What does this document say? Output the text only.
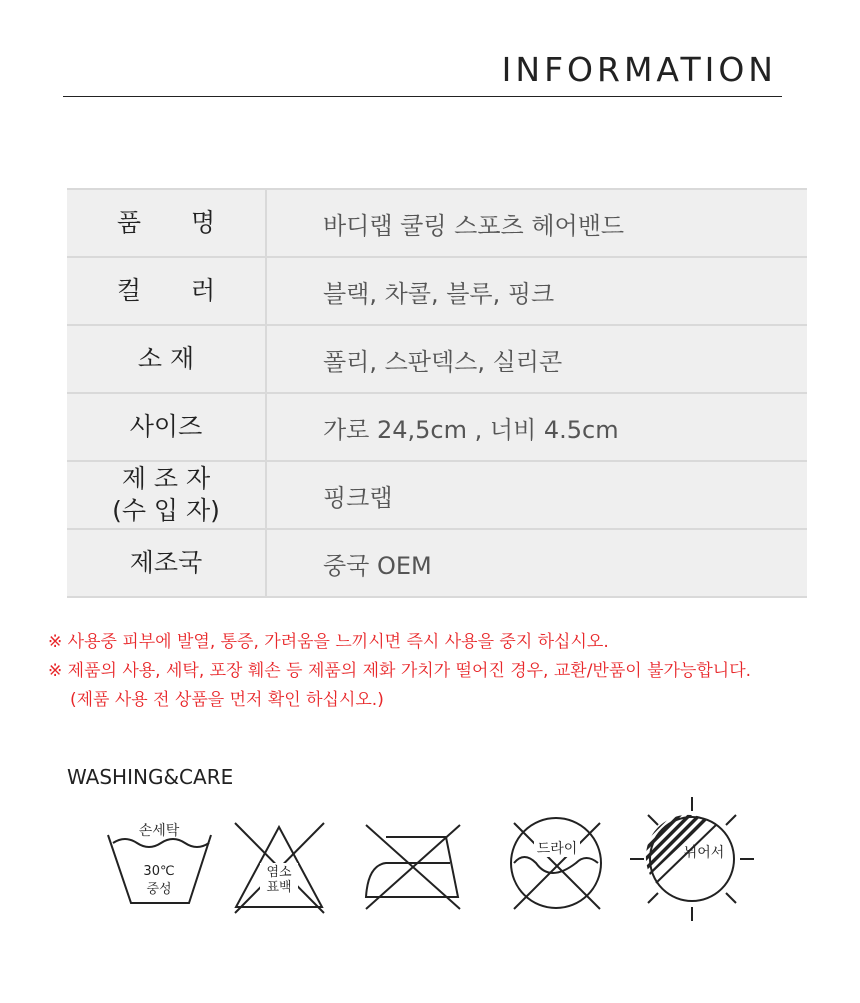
INFORMATION
품　　명	바디랩 쿨링 스포츠 헤어밴드
컬　　러	블랙, 차콜, 블루, 핑크
소 재	폴리, 스판덱스, 실리콘
사이즈	가로 24,5cm , 너비 4.5cm

제 조 자
(수 입 자)	핑크랩
제조국	중국 OEM
※ 사용중 피부에 발열, 통증, 가려움을 느끼시면 즉시 사용을 중지 하십시오.
※ 제품의 사용, 세탁, 포장 훼손 등 제품의 제화 가치가 떨어진 경우, 교환/반품이 불가능합니다.
(제품 사용 전 상품을 먼저 확인 하십시오.)
WASHING&CARE
손세탁
30℃
중성
염소
표백
드라이	뉘어서
